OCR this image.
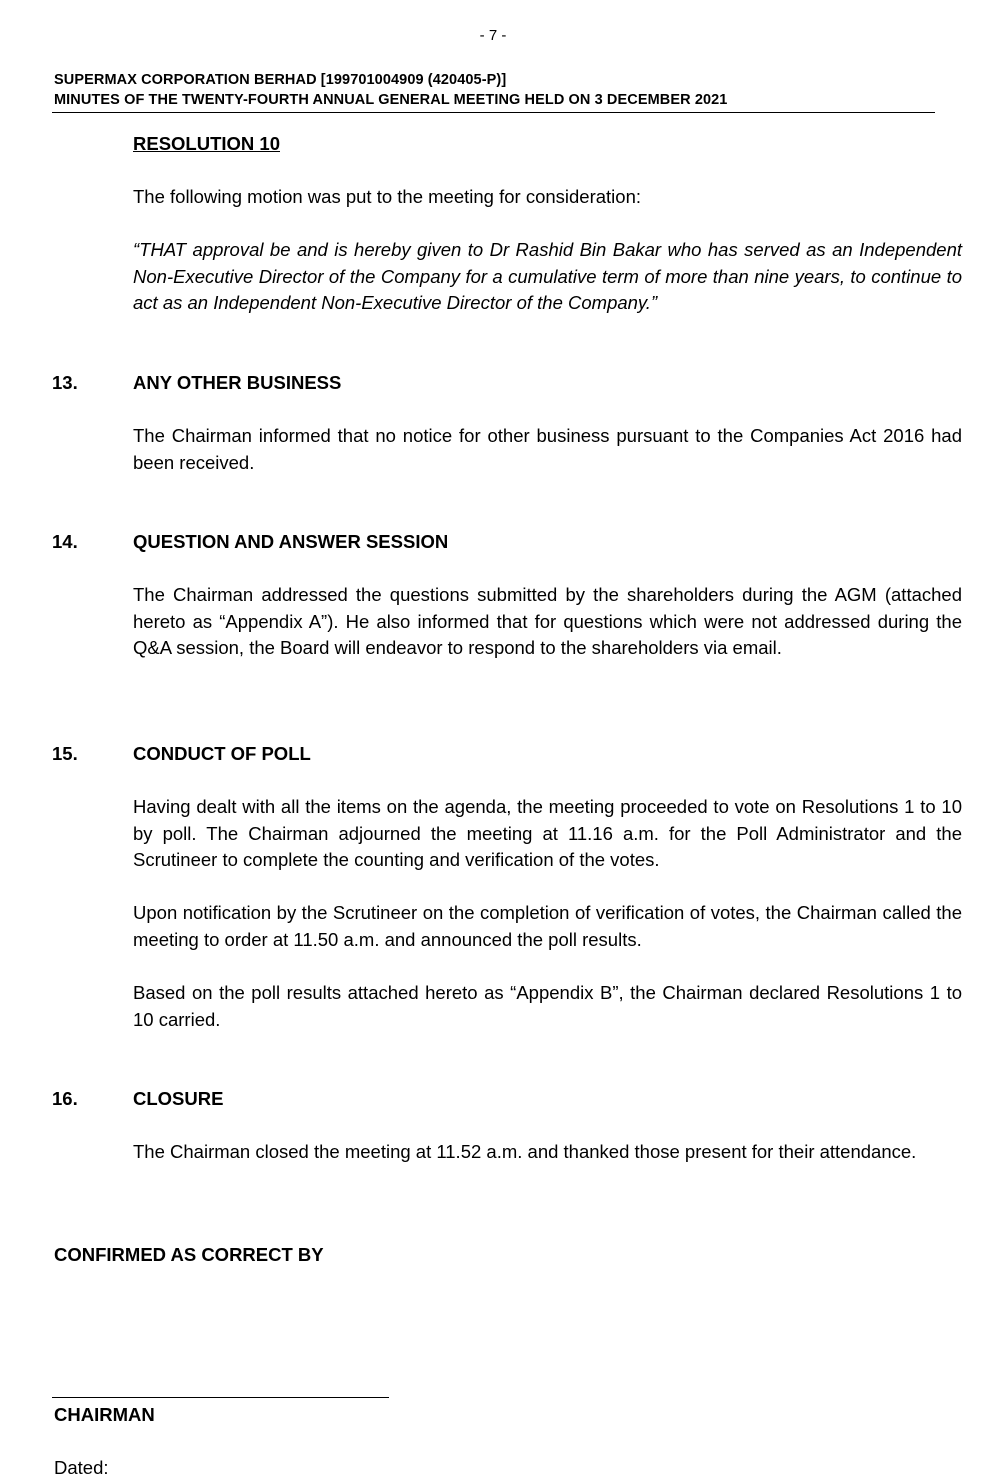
- 7 -
SUPERMAX CORPORATION BERHAD [199701004909 (420405-P)]
MINUTES OF THE TWENTY-FOURTH ANNUAL GENERAL MEETING HELD ON 3 DECEMBER 2021
RESOLUTION 10
The following motion was put to the meeting for consideration:
“THAT approval be and is hereby given to Dr Rashid Bin Bakar who has served as an Independent Non-Executive Director of the Company for a cumulative term of more than nine years, to continue to act as an Independent Non-Executive Director of the Company.”
13.	ANY OTHER BUSINESS
The Chairman informed that no notice for other business pursuant to the Companies Act 2016 had been received.
14.	QUESTION AND ANSWER SESSION
The Chairman addressed the questions submitted by the shareholders during the AGM (attached hereto as “Appendix A”). He also informed that for questions which were not addressed during the Q&A session, the Board will endeavor to respond to the shareholders via email.
15.	CONDUCT OF POLL
Having dealt with all the items on the agenda, the meeting proceeded to vote on Resolutions 1 to 10 by poll. The Chairman adjourned the meeting at 11.16 a.m. for the Poll Administrator and the Scrutineer to complete the counting and verification of the votes.
Upon notification by the Scrutineer on the completion of verification of votes, the Chairman called the meeting to order at 11.50 a.m. and announced the poll results.
Based on the poll results attached hereto as “Appendix B”, the Chairman declared Resolutions 1 to 10 carried.
16.	CLOSURE
The Chairman closed the meeting at 11.52 a.m. and thanked those present for their attendance.
CONFIRMED AS CORRECT BY
CHAIRMAN
Dated:
